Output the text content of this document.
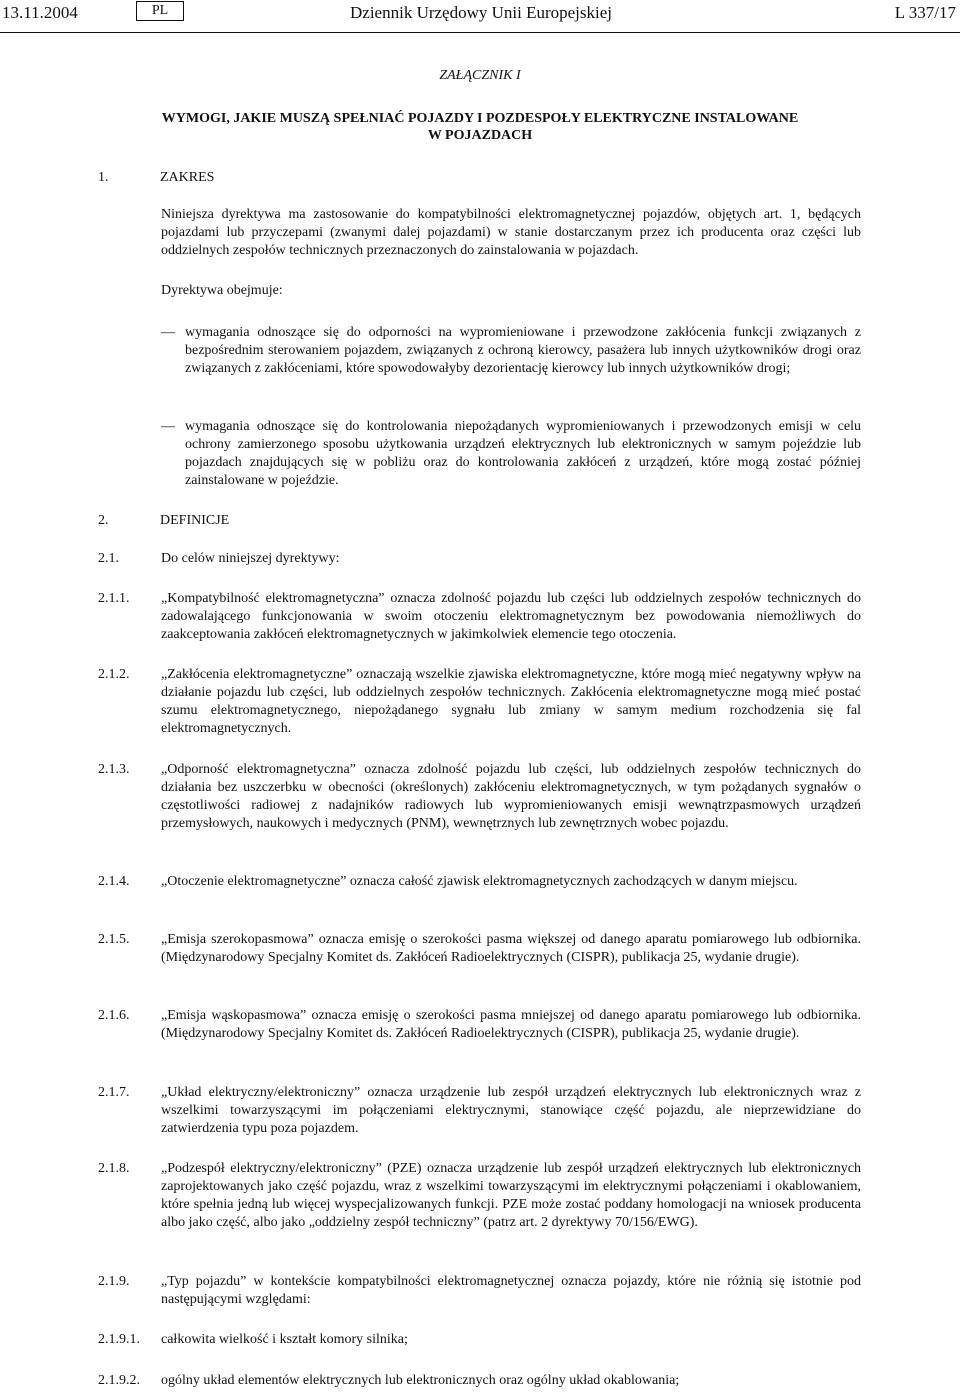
13.11.2004	PL	Dziennik Urzędowy Unii Europejskiej	L 337/17
ZAŁĄCZNIK I
WYMOGI, JAKIE MUSZĄ SPEŁNIAĆ POJAZDY I POZDESPOŁY ELEKTRYCZNE INSTALOWANE
W POJAZDACH
1.	ZAKRES
Niniejsza dyrektywa ma zastosowanie do kompatybilności elektromagnetycznej pojazdów, objętych art. 1, będących pojazdami lub przyczepami (zwanymi dalej pojazdami) w stanie dostarczanym przez ich producenta oraz części lub oddzielnych zespołów technicznych przeznaczonych do zainstalowania w pojazdach.
Dyrektywa obejmuje:
— wymagania odnoszące się do odporności na wypromieniowane i przewodzone zakłócenia funkcji związanych z bezpośrednim sterowaniem pojazdem, związanych z ochroną kierowcy, pasażera lub innych użytkowników drogi oraz związanych z zakłóceniami, które spowodowałyby dezorientację kierowcy lub innych użytkowników drogi;
— wymagania odnoszące się do kontrolowania niepożądanych wypromieniowanych i przewodzonych emisji w celu ochrony zamierzonego sposobu użytkowania urządzeń elektrycznych lub elektronicznych w samym pojeździe lub pojazdach znajdujących się w pobliżu oraz do kontrolowania zakłóceń z urządzeń, które mogą zostać później zainstalowane w pojeździe.
2.	DEFINICJE
2.1.	Do celów niniejszej dyrektywy:
2.1.1.	„Kompatybilność elektromagnetyczna” oznacza zdolność pojazdu lub części lub oddzielnych zespołów technicznych do zadowalającego funkcjonowania w swoim otoczeniu elektromagnetycznym bez powodowania niemożliwych do zaakceptowania zakłóceń elektromagnetycznych w jakimkolwiek elemencie tego otoczenia.
2.1.2.	„Zakłócenia elektromagnetyczne” oznaczają wszelkie zjawiska elektromagnetyczne, które mogą mieć negatywny wpływ na działanie pojazdu lub części, lub oddzielnych zespołów technicznych. Zakłócenia elektromagnetyczne mogą mieć postać szumu elektromagnetycznego, niepożądanego sygnału lub zmiany w samym medium rozchodzenia się fal elektromagnetycznych.
2.1.3.	„Odporność elektromagnetyczna” oznacza zdolność pojazdu lub części, lub oddzielnych zespołów technicznych do działania bez uszczerbku w obecności (określonych) zakłóceniu elektromagnetycznych, w tym pożądanych sygnałów o częstotliwości radiowej z nadajników radiowych lub wypromieniowanych emisji wewnątrzpasmowych urządzeń przemysłowych, naukowych i medycznych (PNM), wewnętrznych lub zewnętrznych wobec pojazdu.
2.1.4.	„Otoczenie elektromagnetyczne” oznacza całość zjawisk elektromagnetycznych zachodzących w danym miejscu.
2.1.5.	„Emisja szerokopasmowa” oznacza emisję o szerokości pasma większej od danego aparatu pomiarowego lub odbiornika. (Międzynarodowy Specjalny Komitet ds. Zakłóceń Radioelektrycznych (CISPR), publikacja 25, wydanie drugie).
2.1.6.	„Emisja wąskopasmowa” oznacza emisję o szerokości pasma mniejszej od danego aparatu pomiarowego lub odbiornika. (Międzynarodowy Specjalny Komitet ds. Zakłóceń Radioelektrycznych (CISPR), publikacja 25, wydanie drugie).
2.1.7.	„Układ elektryczny/elektroniczny” oznacza urządzenie lub zespół urządzeń elektrycznych lub elektronicznych wraz z wszelkimi towarzyszącymi im połączeniami elektrycznymi, stanowiące część pojazdu, ale nieprzewidziane do zatwierdzenia typu poza pojazdem.
2.1.8.	„Podzespół elektryczny/elektroniczny” (PZE) oznacza urządzenie lub zespół urządzeń elektrycznych lub elektronicznych zaprojektowanych jako część pojazdu, wraz z wszelkimi towarzyszącymi im elektrycznymi połączeniami i okablowaniem, które spełnia jedną lub więcej wyspecjalizowanych funkcji. PZE może zostać poddany homologacji na wniosek producenta albo jako część, albo jako „oddzielny zespół techniczny” (patrz art. 2 dyrektywy 70/156/EWG).
2.1.9.	„Typ pojazdu” w kontekście kompatybilności elektromagnetycznej oznacza pojazdy, które nie różnią się istotnie pod następującymi względami:
2.1.9.1.	całkowita wielkość i kształt komory silnika;
2.1.9.2.	ogólny układ elementów elektrycznych lub elektronicznych oraz ogólny układ okablowania;
